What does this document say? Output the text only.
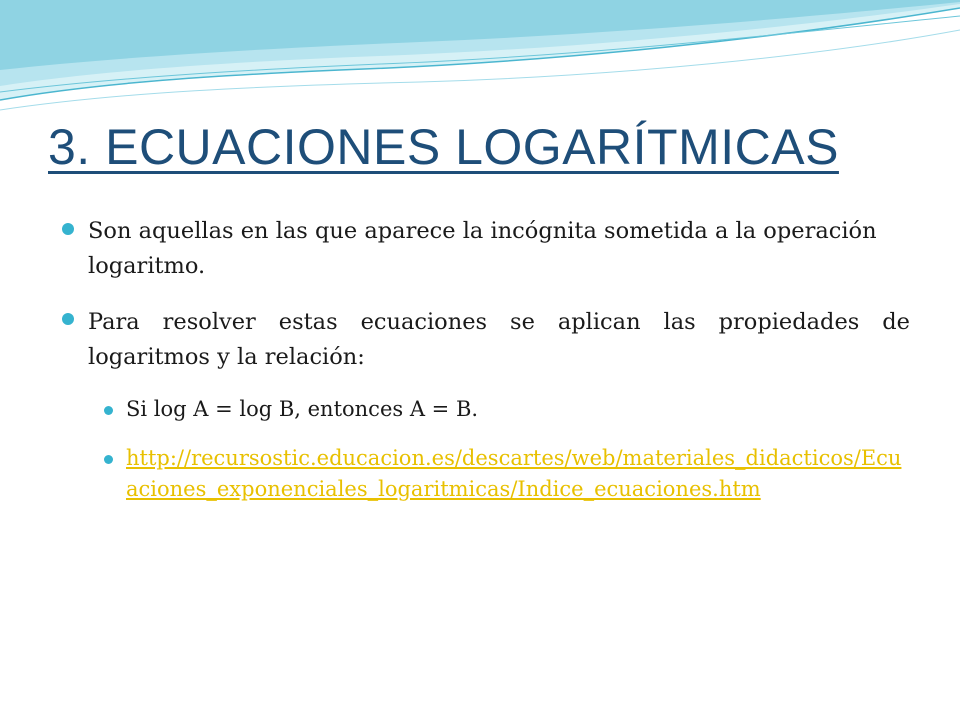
3. ECUACIONES LOGARÍTMICAS
Son aquellas en las que aparece la incógnita sometida a la operación logaritmo.
Para resolver estas ecuaciones se aplican las propiedades de logaritmos y la relación:
Si log A = log B, entonces A = B.
http://recursostic.educacion.es/descartes/web/materiales_didacticos/Ecuaciones_exponenciales_logaritmicas/Indice_ecuaciones.htm
